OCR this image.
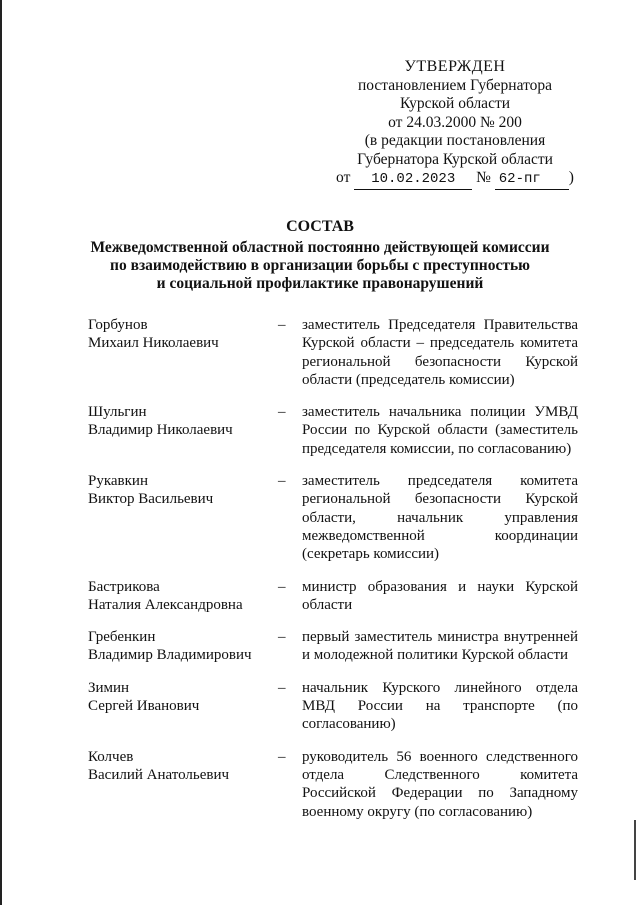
УТВЕРЖДЕН
постановлением Губернатора
Курской области
от 24.03.2000 № 200
(в редакции постановления
Губернатора Курской области
от 10.02.2023 № 62-пг )
СОСТАВ
Межведомственной областной постоянно действующей комиссии
по взаимодействию в организации борьбы с преступностью
и социальной профилактике правонарушений
Горбунов
Михаил Николаевич
–	заместитель Председателя Правительства Курской области – председатель комитета региональной безопасности Курской области (председатель комиссии)
Шульгин
Владимир Николаевич
–	заместитель начальника полиции УМВД России по Курской области (заместитель председателя комиссии, по согласованию)
Рукавкин
Виктор Васильевич
–	заместитель председателя комитета региональной безопасности Курской области, начальник управления межведомственной координации (секретарь комиссии)
Бастрикова
Наталия Александровна
–	министр образования и науки Курской области
Гребенкин
Владимир Владимирович
–	первый заместитель министра внутренней и молодежной политики Курской области
Зимин
Сергей Иванович
–	начальник Курского линейного отдела МВД России на транспорте (по согласованию)
Колчев
Василий Анатольевич
–	руководитель 56 военного следственного отдела Следственного комитета Российской Федерации по Западному военному округу (по согласованию)
